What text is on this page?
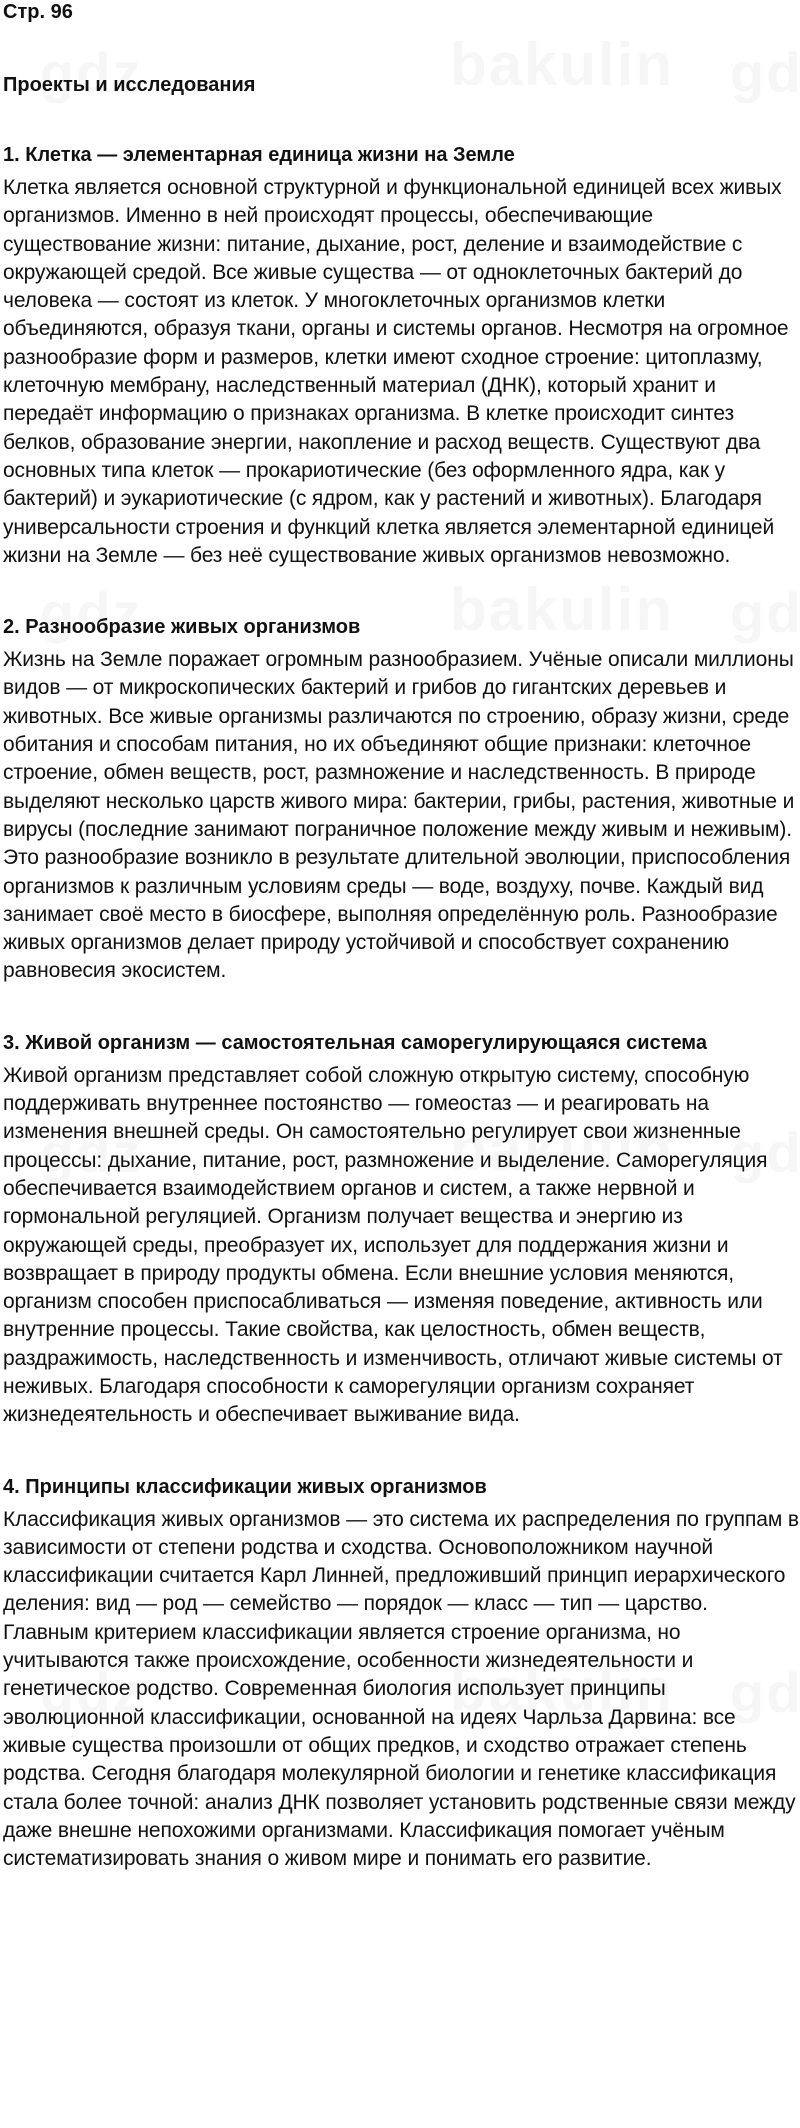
Стр. 96
Проекты и исследования
1. Клетка — элементарная единица жизни на Земле

Клетка является основной структурной и функциональной единицей всех живых организмов. Именно в ней происходят процессы, обеспечивающие существование жизни: питание, дыхание, рост, деление и взаимодействие с окружающей средой. Все живые существа — от одноклеточных бактерий до человека — состоят из клеток. У многоклеточных организмов клетки объединяются, образуя ткани, органы и системы органов. Несмотря на огромное разнообразие форм и размеров, клетки имеют сходное строение: цитоплазму, клеточную мембрану, наследственный материал (ДНК), который хранит и передаёт информацию о признаках организма. В клетке происходит синтез белков, образование энергии, накопление и расход веществ. Существуют два основных типа клеток — прокариотические (без оформленного ядра, как у бактерий) и эукариотические (с ядром, как у растений и животных). Благодаря универсальности строения и функций клетка является элементарной единицей жизни на Земле — без неё существование живых организмов невозможно.

2. Разнообразие живых организмов

Жизнь на Земле поражает огромным разнообразием. Учёные описали миллионы видов — от микроскопических бактерий и грибов до гигантских деревьев и животных. Все живые организмы различаются по строению, образу жизни, среде обитания и способам питания, но их объединяют общие признаки: клеточное строение, обмен веществ, рост, размножение и наследственность. В природе выделяют несколько царств живого мира: бактерии, грибы, растения, животные и вирусы (последние занимают пограничное положение между живым и неживым). Это разнообразие возникло в результате длительной эволюции, приспособления организмов к различным условиям среды — воде, воздуху, почве. Каждый вид занимает своё место в биосфере, выполняя определённую роль. Разнообразие живых организмов делает природу устойчивой и способствует сохранению равновесия экосистем.

3. Живой организм — самостоятельная саморегулирующаяся система

Живой организм представляет собой сложную открытую систему, способную поддерживать внутреннее постоянство — гомеостаз — и реагировать на изменения внешней среды. Он самостоятельно регулирует свои жизненные процессы: дыхание, питание, рост, размножение и выделение. Саморегуляция обеспечивается взаимодействием органов и систем, а также нервной и гормональной регуляцией. Организм получает вещества и энергию из окружающей среды, преобразует их, использует для поддержания жизни и возвращает в природу продукты обмена. Если внешние условия меняются, организм способен приспосабливаться — изменяя поведение, активность или внутренние процессы. Такие свойства, как целостность, обмен веществ, раздражимость, наследственность и изменчивость, отличают живые системы от неживых. Благодаря способности к саморегуляции организм сохраняет жизнедеятельность и обеспечивает выживание вида.

4. Принципы классификации живых организмов

Классификация живых организмов — это система их распределения по группам в зависимости от степени родства и сходства. Основоположником научной классификации считается Карл Линней, предложивший принцип иерархического деления: вид — род — семейство — порядок — класс — тип — царство. Главным критерием классификации является строение организма, но учитываются также происхождение, особенности жизнедеятельности и генетическое родство. Современная биология использует принципы эволюционной классификации, основанной на идеях Чарльза Дарвина: все живые существа произошли от общих предков, и сходство отражает степень родства. Сегодня благодаря молекулярной биологии и генетике классификация стала более точной: анализ ДНК позволяет установить родственные связи между даже внешне непохожими организмами. Классификация помогает учёным систематизировать знания о живом мире и понимать его развитие.
